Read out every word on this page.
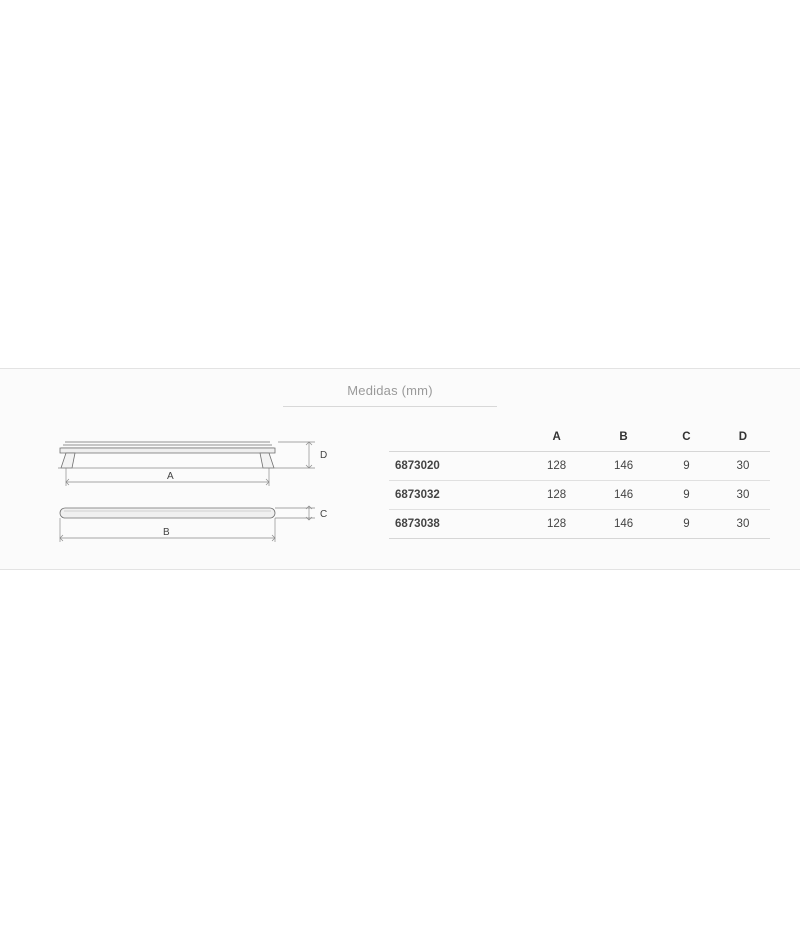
Medidas (mm)
D
A
C
B
	A	B	C	D
6873020	128	146	9	30
6873032	128	146	9	30
6873038	128	146	9	30
